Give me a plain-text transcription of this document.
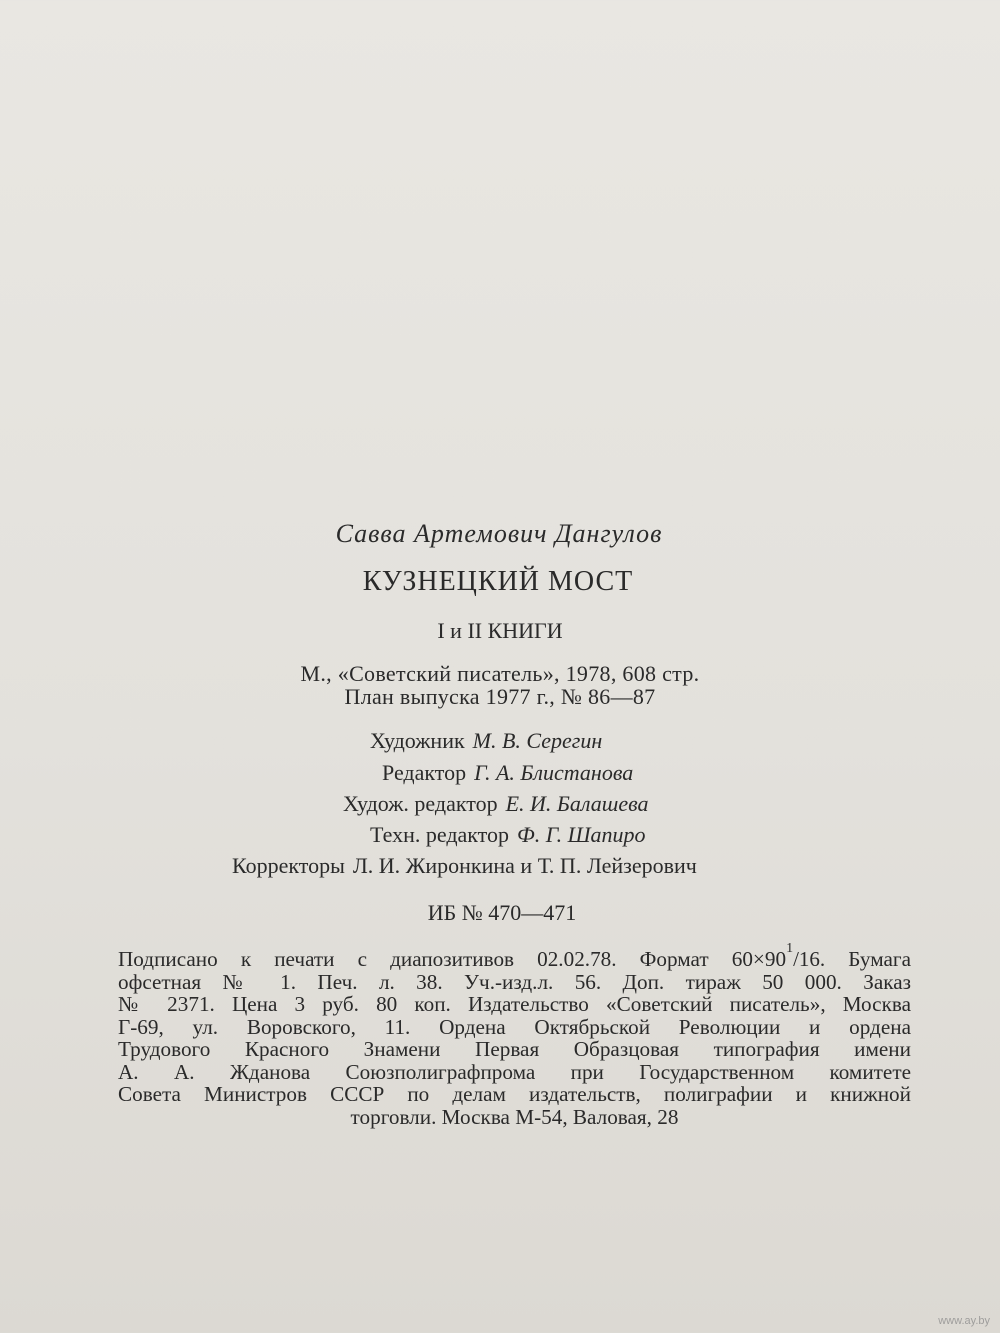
Савва Артемович Дангулов
КУЗНЕЦКИЙ МОСТ
I и II КНИГИ
М., «Советский писатель», 1978, 608 стр.
План выпуска 1977 г., № 86—87
Художник М. В. Серегин
Редактор Г. А. Блистанова
Худож. редактор Е. И. Балашева
Техн. редактор Ф. Г. Шапиро
Корректоры Л. И. Жиронкина и Т. П. Лейзерович
ИБ № 470—471
Подписано к печати с диапозитивов 02.02.78. Формат $60\times 90^1/16$. Бумага
офсетная № 1. Печ. л. 38. Уч.-изд.л. 56. Доп. тираж 50 000. Заказ
№ 2371. Цена 3 руб. 80 коп. Издательство «Советский писатель», Москва
Г-69, ул. Воровского, 11. Ордена Октябрьской Революции и ордена
Трудового Красного Знамени Первая Образцовая типография имени
А. А. Жданова Союзполиграфпрома при Государственном комитете
Совета Министров СССР по делам издательств, полиграфии и книжной
торговли. Москва М-54, Валовая, 28
www.ay.by
